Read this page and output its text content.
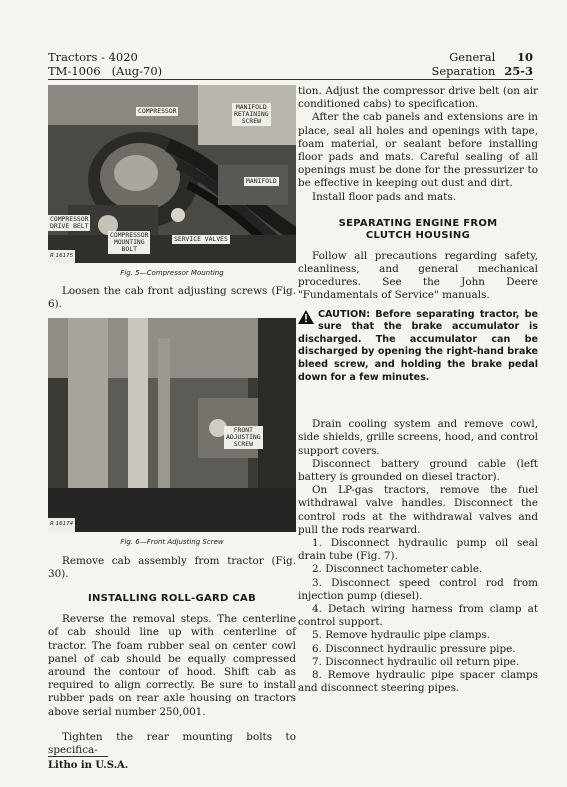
Tractors - 4020
TM-1006   (Aug-70)
General 10
Separation 25-3
COMPRESSOR	MANIFOLD
RETAINING
SCREW
MANIFOLD
COMPRESSOR
DRIVE BELT
COMPRESSOR
MOUNTING
BOLT
SERVICE VALVES
R 16175
Fig. 5—Compressor Mounting

Loosen the cab front adjusting screws (Fig. 6).

FRONT
ADJUSTING
SCREW
R 16174
Fig. 6—Front Adjusting Screw

Remove cab assembly from tractor (Fig. 30).

INSTALLING ROLL-GARD CAB

Reverse the removal steps. The centerline of cab should line up with centerline of tractor. The foam rubber seal on center cowl panel of cab should be equally compressed around the contour of hood. Shift cab as required to align correctly. Be sure to install rubber pads on rear axle housing on tractors above serial number 250,001.

Tighten the rear mounting bolts to specifica-

tion. Adjust the compressor drive belt (on air conditioned cabs) to specification.

After the cab panels and extensions are in place, seal all holes and openings with tape, foam material, or sealant before installing floor pads and mats. Careful sealing of all openings must be done for the pressurizer to be effective in keeping out dust and dirt.

Install floor pads and mats.

SEPARATING ENGINE FROM CLUTCH HOUSING

Follow all precautions regarding safety, cleanliness, and general mechanical procedures. See the John Deere "Fundamentals of Service" manuals.

CAUTION: Before separating tractor, be sure that the brake accumulator is discharged. The accumulator can be discharged by opening the right-hand brake bleed screw, and holding the brake pedal down for a few minutes.

Drain cooling system and remove cowl, side shields, grille screens, hood, and control support covers.

Disconnect battery ground cable (left battery is grounded on diesel tractor).

On LP-gas tractors, remove the fuel withdrawal valve handles. Disconnect the control rods at the withdrawal valves and pull the rods rearward.

1. Disconnect hydraulic pump oil seal drain tube (Fig. 7).

2. Disconnect tachometer cable.

3. Disconnect speed control rod from injection pump (diesel).

4. Detach wiring harness from clamp at control support.

5. Remove hydraulic pipe clamps.

6. Disconnect hydraulic pressure pipe.

7. Disconnect hydraulic oil return pipe.

8. Remove hydraulic pipe spacer clamps and disconnect steering pipes.

Litho in U.S.A.
